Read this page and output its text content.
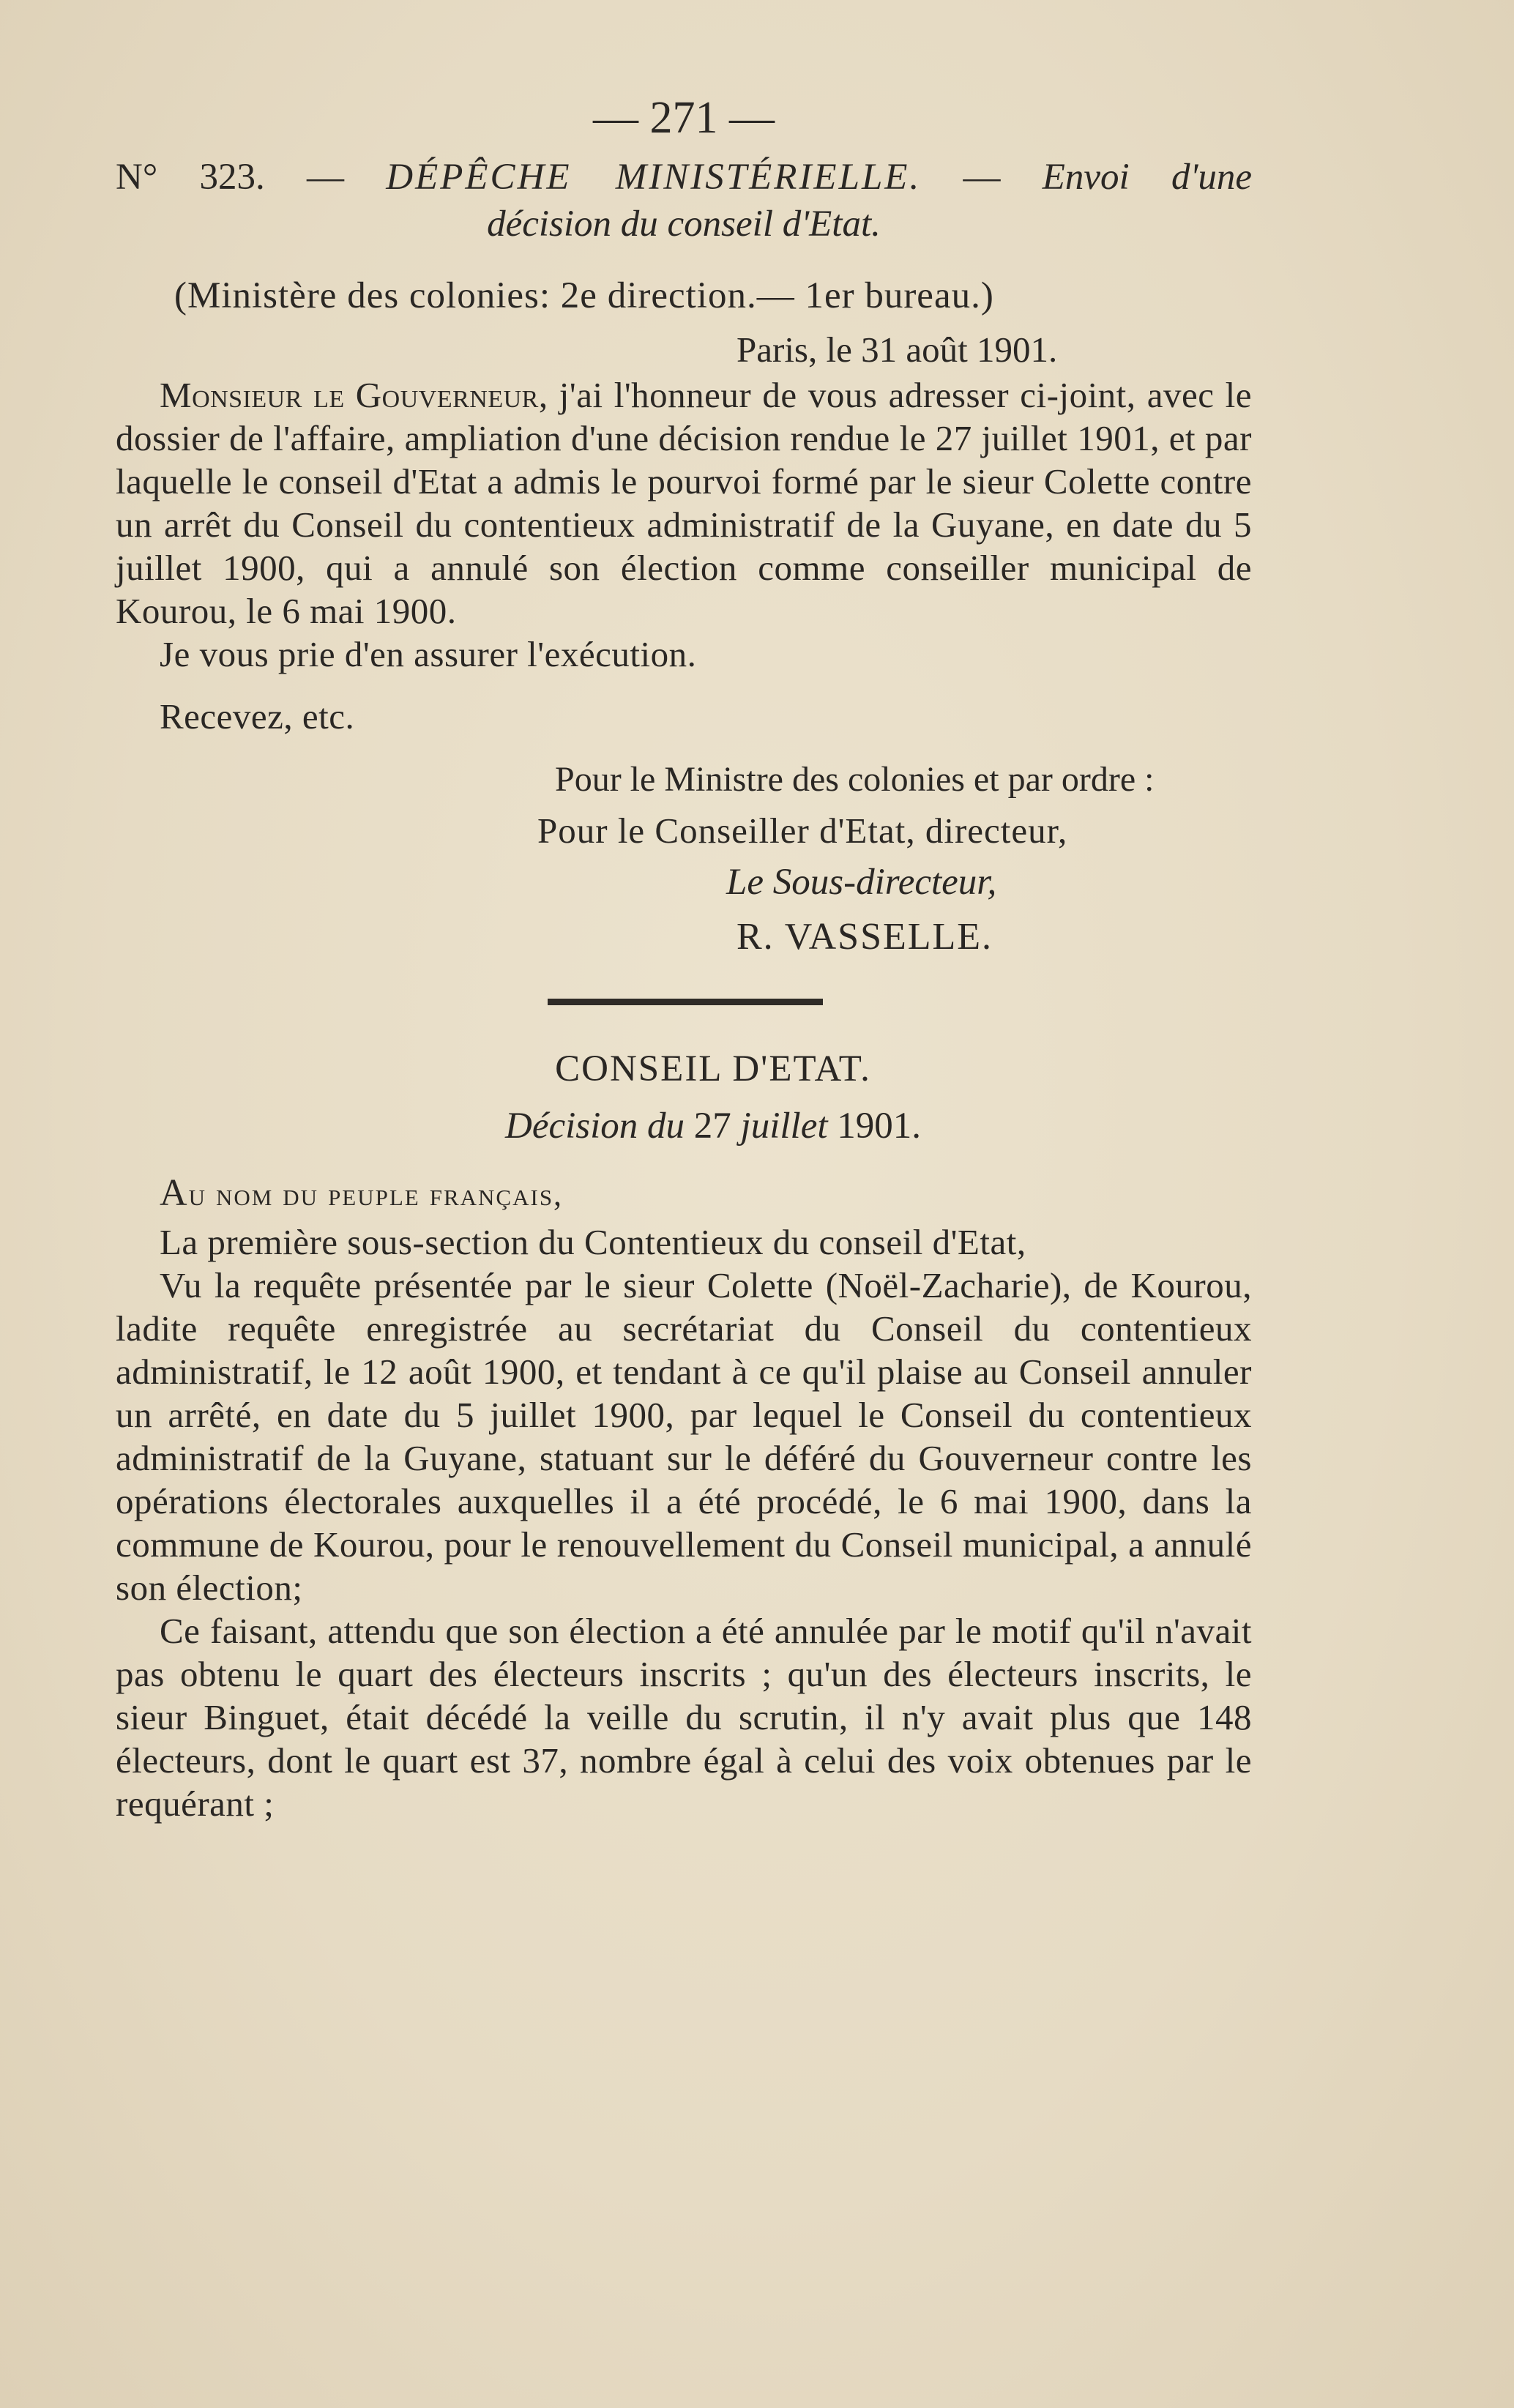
— 271 —
N° 323. — DÉPÊCHE MINISTÉRIELLE. — Envoi d'une
décision du conseil d'Etat.
(Ministère des colonies: 2e direction.— 1er bureau.)
Paris, le 31 août 1901.

Monsieur le Gouverneur, j'ai l'honneur de vous adresser ci-joint, avec le dossier de l'affaire, ampliation d'une décision rendue le 27 juillet 1901, et par laquelle le conseil d'Etat a admis le pourvoi formé par le sieur Colette contre un arrêt du Conseil du contentieux administratif de la Guyane, en date du 5 juillet 1900, qui a annulé son élection comme conseiller municipal de Kourou, le 6 mai 1900.

Je vous prie d'en assurer l'exécution.

Recevez, etc.

Pour le Ministre des colonies et par ordre :
Pour le Conseiller d'Etat, directeur,
Le Sous-directeur,
R. VASSELLE.
CONSEIL D'ETAT.
Décision du 27 juillet 1901.
Au nom du peuple français,

La première sous-section du Contentieux du conseil d'Etat,

Vu la requête présentée par le sieur Colette (Noël-Zacharie), de Kourou, ladite requête enregistrée au secrétariat du Conseil du contentieux administratif, le 12 août 1900, et tendant à ce qu'il plaise au Conseil annuler un arrêté, en date du 5 juillet 1900, par lequel le Conseil du contentieux administratif de la Guyane, statuant sur le déféré du Gouverneur contre les opérations électorales auxquelles il a été procédé, le 6 mai 1900, dans la commune de Kourou, pour le renouvellement du Conseil municipal, a annulé son élection;

Ce faisant, attendu que son élection a été annulée par le motif qu'il n'avait pas obtenu le quart des électeurs inscrits ; qu'un des électeurs inscrits, le sieur Binguet, était décédé la veille du scrutin, il n'y avait plus que 148 électeurs, dont le quart est 37, nombre égal à celui des voix obtenues par le requérant ;
